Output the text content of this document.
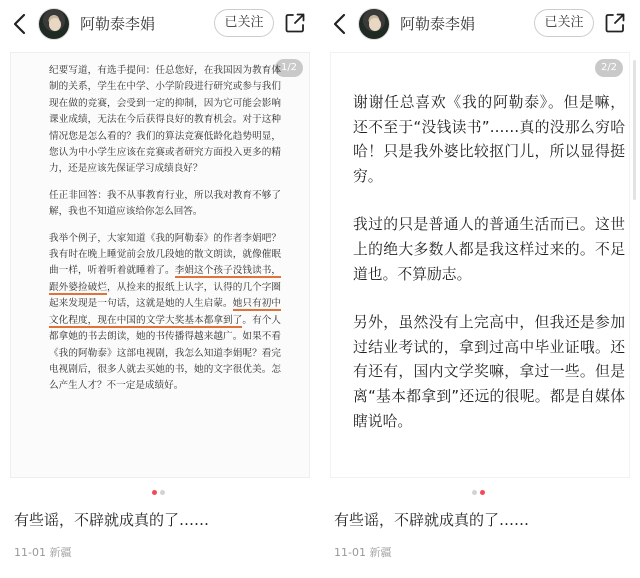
阿勒泰李娟	已关注
1/2

纪要写道，有选手提问：任总您好，在我国因为教育体制的关系，学生在中学、小学阶段进行研究或参与我们现在做的竞赛，会受到一定的抑制，因为它可能会影响课业成绩，无法在今后获得良好的教育机会。对于这种情况您是怎么看的？我们的算法竞赛低龄化趋势明显，您认为中小学生应该在竞赛或者研究方面投入更多的精力，还是应该先保证学习成绩良好？

任正非回答：我不从事教育行业，所以我对教育不够了解，我也不知道应该给你怎么回答。

我举个例子，大家知道《我的阿勒泰》的作者李娟吧？我有时在晚上睡觉前会放几段她的散文朗读，就像催眠曲一样，听着听着就睡着了。李娟这个孩子没钱读书，跟外婆捡破烂，从捡来的报纸上认字，认得的几个字圈起来发现是一句话，这就是她的人生启蒙。她只有初中文化程度，现在中国的文学大奖基本都拿到了。有个人都拿她的书去朗读，她的书传播得越来越广。如果不看《我的阿勒泰》这部电视剧，我怎么知道李娟呢？看完电视剧后，很多人就去买她的书，她的文字很优美。怎么产生人才？不一定是成绩好。

有些谣，不辟就成真的了……
11-01 新疆
阿勒泰李娟	已关注
2/2

谢谢任总喜欢《我的阿勒泰》。但是嘛，还不至于“没钱读书”……真的没那么穷哈哈！只是我外婆比较抠门儿，所以显得挺穷。

我过的只是普通人的普通生活而已。这世上的绝大多数人都是我这样过来的。不足道也。不算励志。

另外，虽然没有上完高中，但我还是参加过结业考试的，拿到过高中毕业证哦。还有还有，国内文学奖嘛，拿过一些。但是离“基本都拿到”还远的很呢。都是自媒体瞎说哈。

有些谣，不辟就成真的了……
11-01 新疆
